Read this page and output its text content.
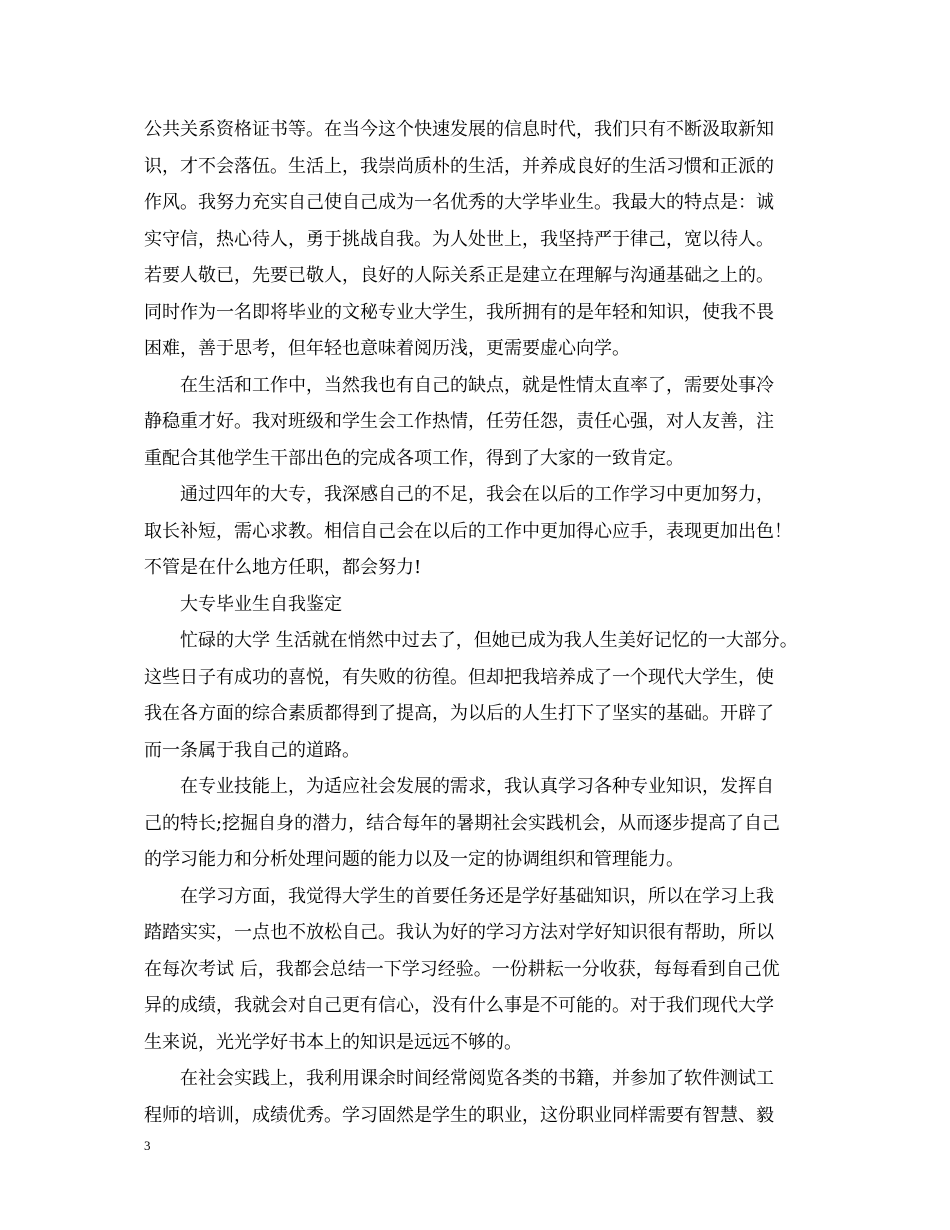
公共关系资格证书等。在当今这个快速发展的信息时代，我们只有不断汲取新知
识，才不会落伍。生活上，我崇尚质朴的生活，并养成良好的生活习惯和正派的
作风。我努力充实自己使自己成为一名优秀的大学毕业生。我最大的特点是：诚
实守信，热心待人，勇于挑战自我。为人处世上，我坚持严于律己，宽以待人。
若要人敬已，先要已敬人，良好的人际关系正是建立在理解与沟通基础之上的。
同时作为一名即将毕业的文秘专业大学生，我所拥有的是年轻和知识，使我不畏
困难，善于思考，但年轻也意味着阅历浅，更需要虚心向学。
在生活和工作中，当然我也有自己的缺点，就是性情太直率了，需要处事冷
静稳重才好。我对班级和学生会工作热情，任劳任怨，责任心强，对人友善，注
重配合其他学生干部出色的完成各项工作，得到了大家的一致肯定。
通过四年的大专，我深感自己的不足，我会在以后的工作学习中更加努力，
取长补短，需心求教。相信自己会在以后的工作中更加得心应手，表现更加出色！
不管是在什么地方任职，都会努力!
大专毕业生自我鉴定
忙碌的大学 生活就在悄然中过去了，但她已成为我人生美好记忆的一大部分。
这些日子有成功的喜悦，有失败的彷徨。但却把我培养成了一个现代大学生，使
我在各方面的综合素质都得到了提高，为以后的人生打下了坚实的基础。开辟了
而一条属于我自己的道路。
在专业技能上，为适应社会发展的需求，我认真学习各种专业知识，发挥自
己的特长;挖掘自身的潜力，结合每年的暑期社会实践机会，从而逐步提高了自己
的学习能力和分析处理问题的能力以及一定的协调组织和管理能力。
在学习方面，我觉得大学生的首要任务还是学好基础知识，所以在学习上我
踏踏实实，一点也不放松自己。我认为好的学习方法对学好知识很有帮助，所以
在每次考试 后，我都会总结一下学习经验。一份耕耘一分收获，每每看到自己优
异的成绩，我就会对自己更有信心，没有什么事是不可能的。对于我们现代大学
生来说，光光学好书本上的知识是远远不够的。
在社会实践上，我利用课余时间经常阅览各类的书籍，并参加了软件测试工
程师的培训，成绩优秀。学习固然是学生的职业，这份职业同样需要有智慧、毅
3
